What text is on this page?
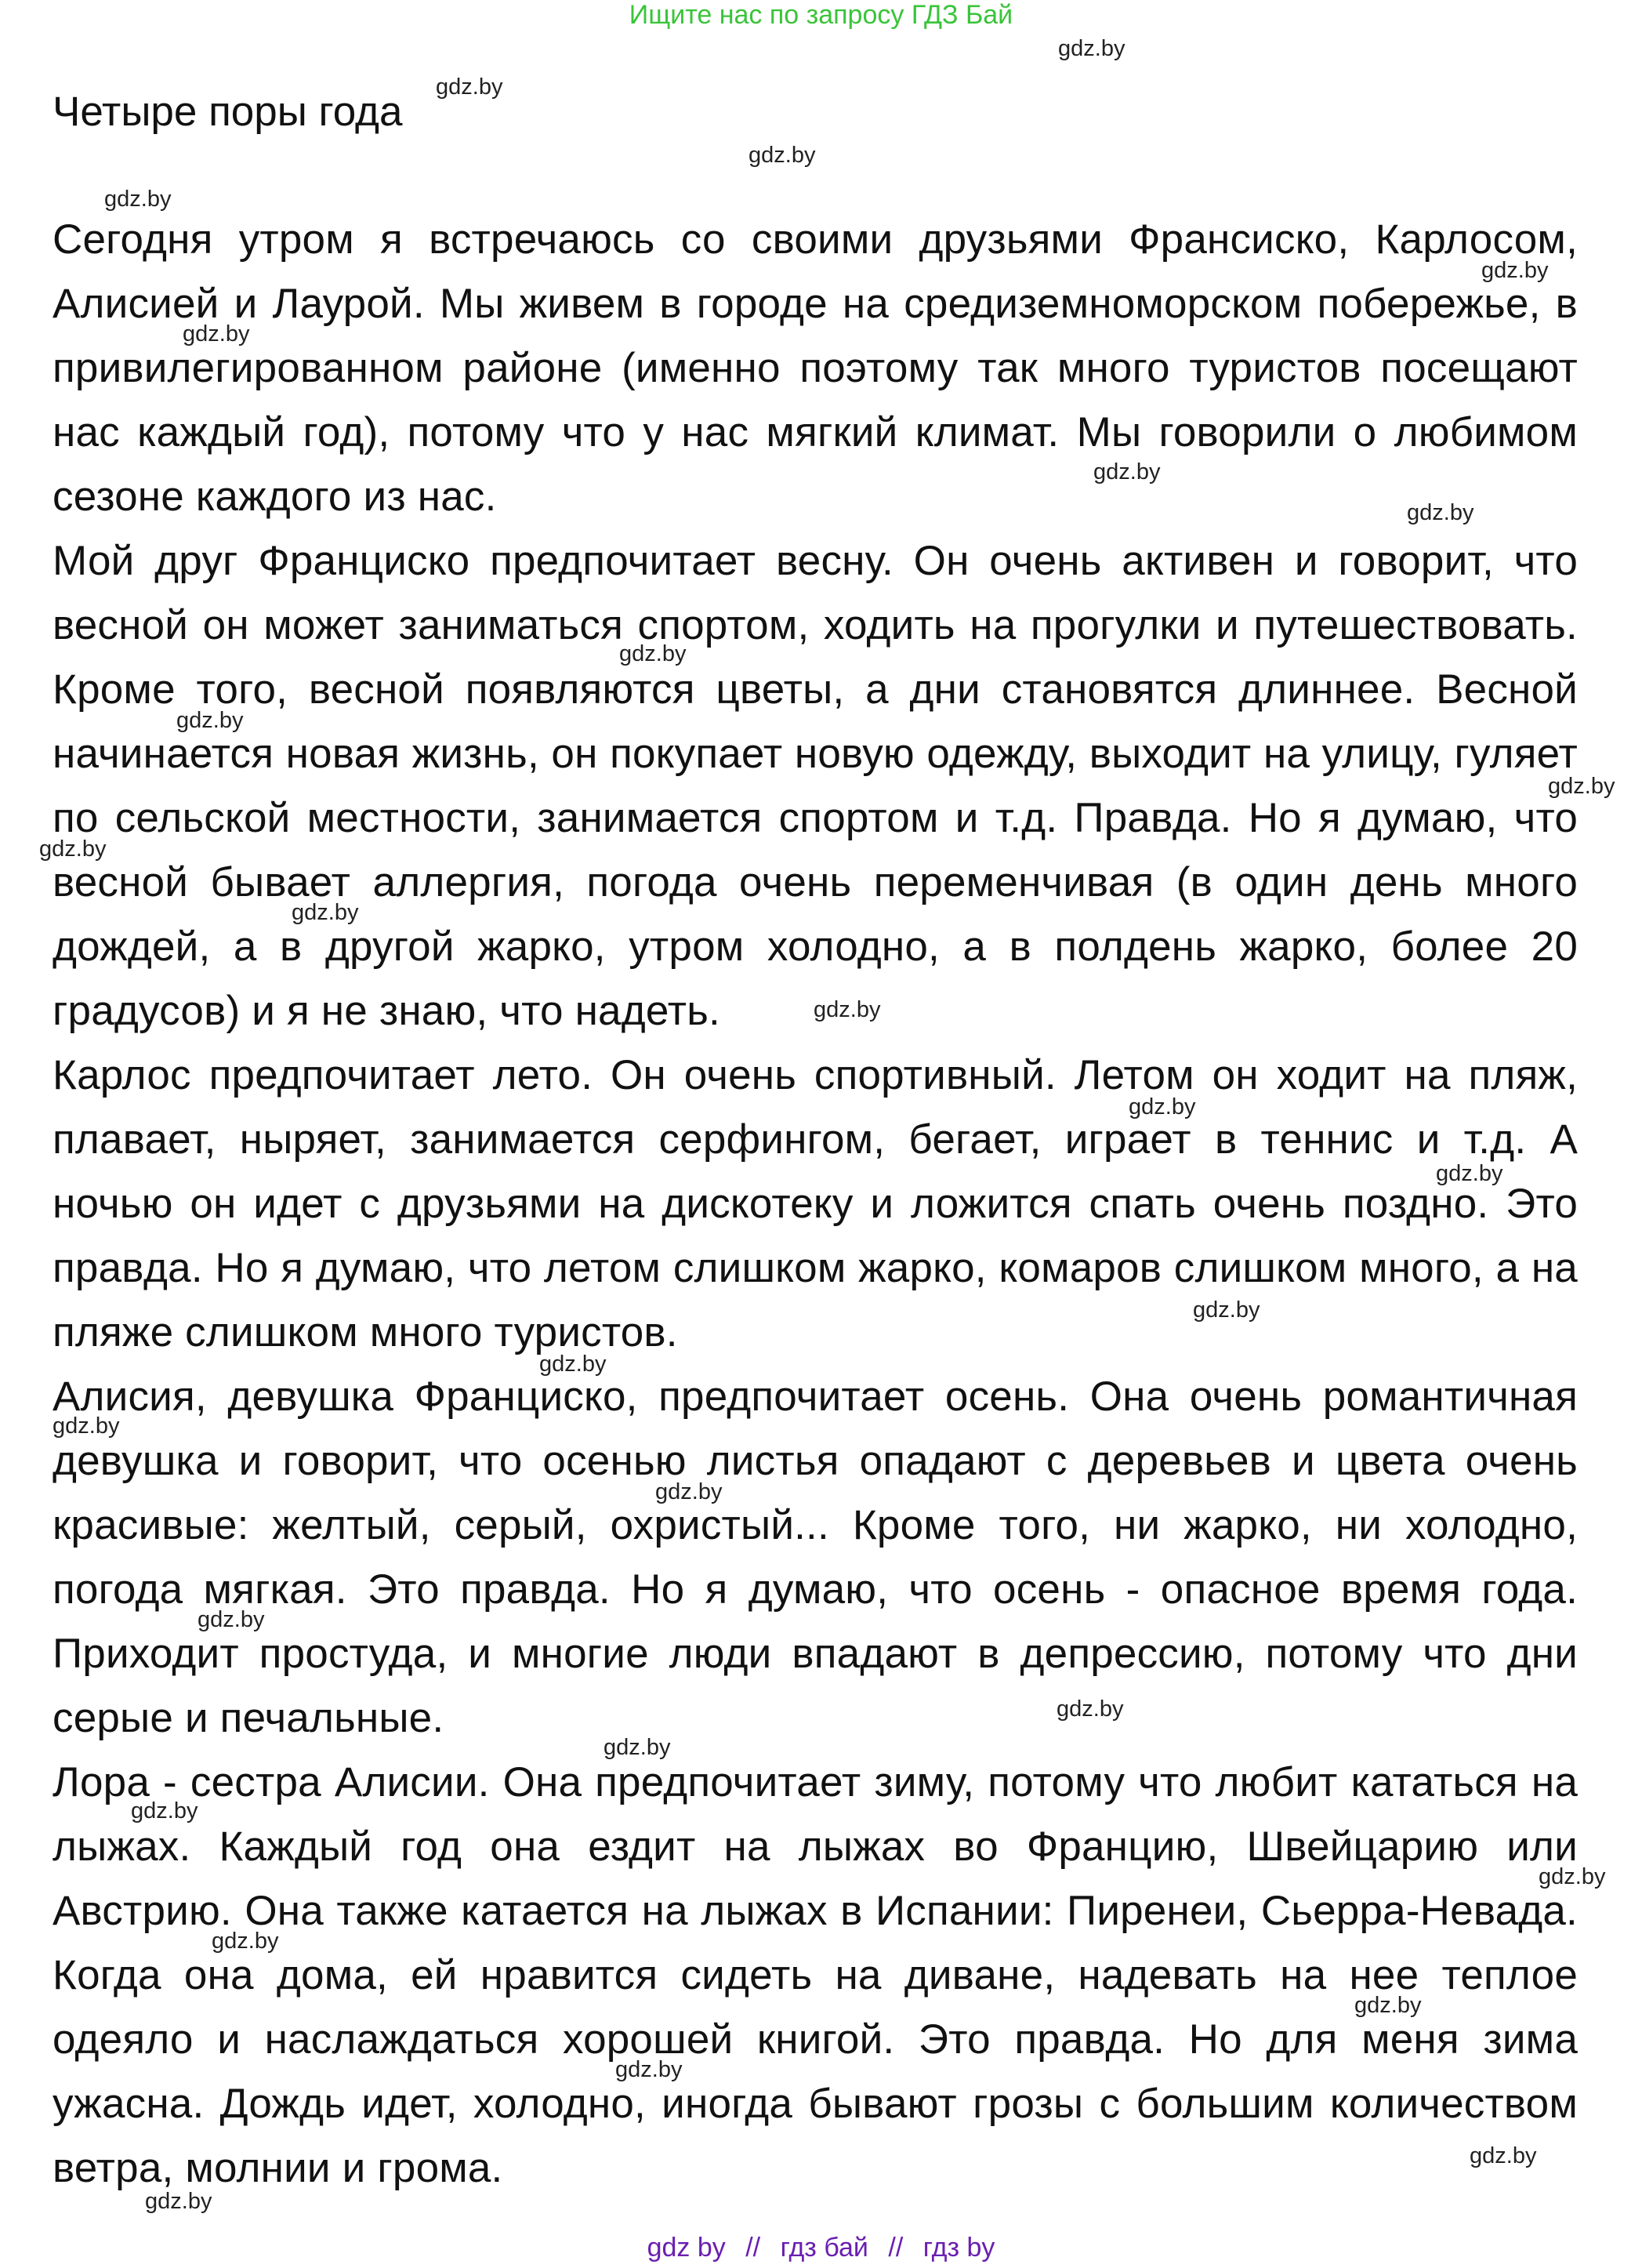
Ищите нас по запросу ГДЗ Бай
Четыре поры года

Сегодня утром я встречаюсь со своими друзьями Франсиско, Карлосом, Алисией и Лаурой. Мы живем в городе на средиземноморском побережье, в привилегированном районе (именно поэтому так много туристов посещают нас каждый год), потому что у нас мягкий климат. Мы говорили о любимом сезоне каждого из нас.

Мой друг Франциско предпочитает весну. Он очень активен и говорит, что весной он может заниматься спортом, ходить на прогулки и путешествовать. Кроме того, весной появляются цветы, а дни становятся длиннее. Весной начинается новая жизнь, он покупает новую одежду, выходит на улицу, гуляет по сельской местности, занимается спортом и т.д. Правда. Но я думаю, что весной бывает аллергия, погода очень переменчивая (в один день много дождей, а в другой жарко, утром холодно, а в полдень жарко, более 20 градусов) и я не знаю, что надеть.

Карлос предпочитает лето. Он очень спортивный. Летом он ходит на пляж, плавает, ныряет, занимается серфингом, бегает, играет в теннис и т.д. А ночью он идет с друзьями на дискотеку и ложится спать очень поздно. Это правда. Но я думаю, что летом слишком жарко, комаров слишком много, а на пляже слишком много туристов.

Алисия, девушка Франциско, предпочитает осень. Она очень романтичная девушка и говорит, что осенью листья опадают с деревьев и цвета очень красивые: желтый, серый, охристый... Кроме того, ни жарко, ни холодно, погода мягкая. Это правда. Но я думаю, что осень - опасное время года. Приходит простуда, и многие люди впадают в депрессию, потому что дни серые и печальные.

Лора - сестра Алисии. Она предпочитает зиму, потому что любит кататься на лыжах. Каждый год она ездит на лыжах во Францию, Швейцарию или Австрию. Она также катается на лыжах в Испании: Пиренеи, Сьерра-Невада. Когда она дома, ей нравится сидеть на диване, надевать на нее теплое одеяло и наслаждаться хорошей книгой. Это правда. Но для меня зима ужасна. Дождь идет, холодно, иногда бывают грозы с большим количеством ветра, молнии и грома.

gdz.by
gdz.by
gdz.by
gdz.by
gdz.by
gdz.by
gdz.by
gdz.by
gdz.by
gdz.by
gdz.by
gdz.by
gdz.by
gdz.by
gdz.by
gdz.by
gdz.by
gdz.by
gdz.by
gdz.by
gdz.by
gdz.by
gdz.by
gdz.by
gdz.by
gdz.by
gdz.by
gdz.by
gdz.by
gdz.by
gdz by // гдз бай // гдз by
